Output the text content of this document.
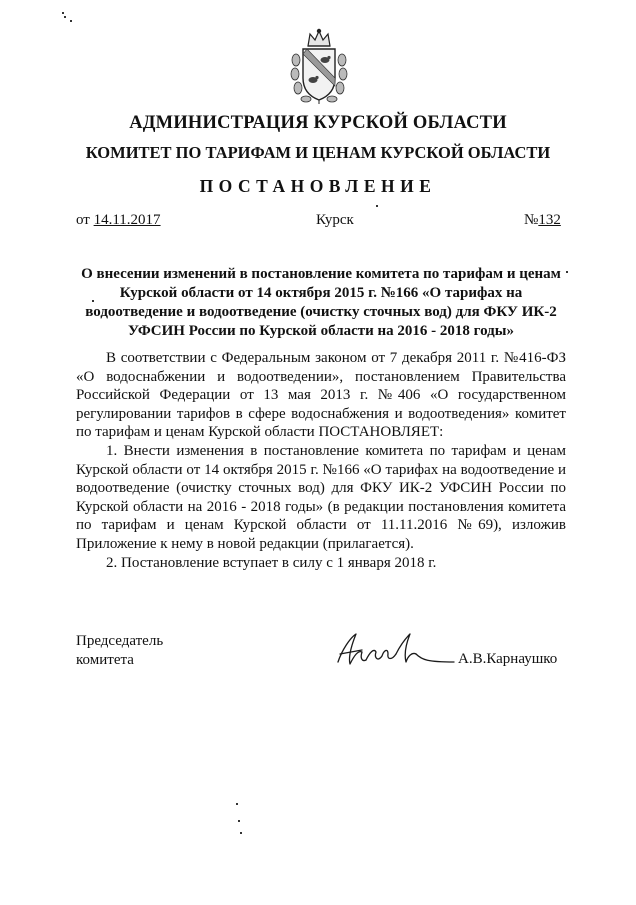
АДМИНИСТРАЦИЯ КУРСКОЙ ОБЛАСТИ
КОМИТЕТ ПО ТАРИФАМ И ЦЕНАМ КУРСКОЙ ОБЛАСТИ
ПОСТАНОВЛЕНИЕ
от 14.11.2017	Курск	№132
О внесении изменений в постановление комитета по тарифам и ценам
Курской области от 14 октября 2015 г. №166 «О тарифах на
водоотведение и водоотведение (очистку сточных вод) для ФКУ ИК-2
УФСИН России по Курской области на 2016 - 2018 годы»

В соответствии с Федеральным законом от 7 декабря 2011 г. №416-ФЗ «О водоснабжении и водоотведении», постановлением Правительства Российской Федерации от 13 мая 2013 г. №406 «О государственном регулировании тарифов в сфере водоснабжения и водоотведения» комитет по тарифам и ценам Курской области ПОСТАНОВЛЯЕТ:

1. Внести изменения в постановление комитета по тарифам и ценам Курской области от 14 октября 2015 г. №166 «О тарифах на водоотведение и водоотведение (очистку сточных вод) для ФКУ ИК-2 УФСИН России по Курской области на 2016 - 2018 годы» (в редакции постановления комитета по тарифам и ценам Курской области от 11.11.2016 №69), изложив Приложение к нему в новой редакции (прилагается).

2. Постановление вступает в силу с 1 января 2018 г.

Председатель
комитета	А.В.Карнаушко
